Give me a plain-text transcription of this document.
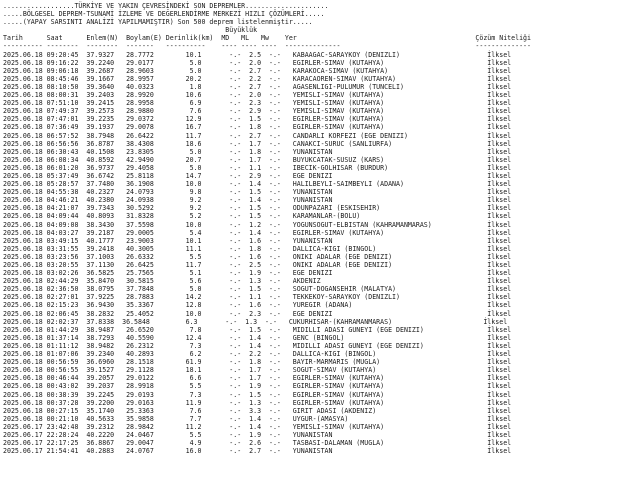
..................TÜRKİYE VE YAKIN ÇEVRESİNDEKİ SON DEPREMLER.....................
.....BÖLGESEL DEPREM-TSUNAMİ İZLEME VE DEĞERLENDİRME MERKEZİ HIZLI ÇÖZÜMLERİ.....
.....(YAPAY SARSINTI ANALİZİ YAPILMAMIŞTIR) Son 500 deprem listelenmiştir.....
Büyüklük
Tarih      Saat      Enlem(N)  Boylam(E) Derinlik(km)  MD   ML   Mw    Yer                                             Çözüm Niteliği
---------- --------  --------  -------   ----------    ---- ---- ----  --------------                                  --------------
2025.06.18 09:20:45  37.9327   28.7772        10.1       -.-  2.5  -.-   KABAAGAC-SARAYKOY (DENIZLI)                      İlksel
2025.06.18 09:16:22  39.2240   29.0177         5.0       -.-  2.0  -.-   EGIRLER-SIMAV (KUTAHYA)                          İlksel
2025.06.18 09:06:18  39.2687   28.9603         5.0       -.-  2.7  -.-   KARAKOCA-SIMAV (KUTAHYA)                         İlksel
2025.06.18 08:45:46  39.1667   28.9957        20.2       -.-  2.2  -.-   KARACAOREN-SIMAV (KUTAHYA)                       İlksel
2025.06.18 08:10:50  39.3640   40.0323         1.8       -.-  2.7  -.-   AGASENLIGI-PULUMUR (TUNCELI)                     İlksel
2025.06.18 08:00:31  39.2403   28.9920        10.6       -.-  2.0  -.-   YEMISLI-SIMAV (KUTAHYA)                          İlksel
2025.06.18 07:51:10  39.2415   28.9958         6.9       -.-  2.3  -.-   YEMISLI-SIMAV (KUTAHYA)                          İlksel
2025.06.18 07:49:37  39.2573   28.9880         7.6       -.-  2.9  -.-   YEMISLI-SIMAV (KUTAHYA)                          İlksel
2025.06.18 07:47:01  39.2235   29.0372        12.9       -.-  1.5  -.-   EGIRLER-SIMAV (KUTAHYA)                          İlksel
2025.06.18 07:36:49  39.1937   29.0078        16.7       -.-  1.8  -.-   EGIRLER-SIMAV (KUTAHYA)                          İlksel
2025.06.18 06:57:52  38.7948   26.6422        11.7       -.-  2.7  -.-   CANDARLI KORFEZI (EGE DENIZI)                    İlksel
2025.06.18 06:56:56  36.8787   38.4308        18.6       -.-  1.7  -.-   CANAKCI-SURUC (SANLIURFA)                        İlksel
2025.06.18 06:30:43  40.1508   23.8305         5.0       -.-  1.8  -.-   YUNANISTAN                                       İlksel
2025.06.18 06:08:34  40.8592   42.9490        20.7       -.-  1.7  -.-   BUYUKCATAK-SUSUZ (KARS)                          İlksel
2025.06.18 06:01:20  36.9737   29.4058         5.0       -.-  1.1  -.-   IBECIK-GOLHISAR (BURDUR)                         İlksel
2025.06.18 05:37:49  36.6742   25.8118        14.7       -.-  2.9  -.-   EGE DENIZI                                       İlksel
2025.06.18 05:28:57  37.7480   36.1908        10.0       -.-  1.4  -.-   HALILBEYLI-SAIMBEYLI (ADANA)                     İlksel
2025.06.18 04:55:38  40.2327   24.0793         9.8       -.-  1.5  -.-   YUNANISTAN                                       İlksel
2025.06.18 04:46:21  40.2380   24.0938         9.2       -.-  1.4  -.-   YUNANISTAN                                       İlksel
2025.06.18 04:21:07  39.7343   30.5292         9.2       -.-  1.5  -.-   ODUNPAZARI (ESKISEHIR)                           İlksel
2025.06.18 04:09:44  40.8093   31.8328         5.2       -.-  1.5  -.-   KARAMANLAR-(BOLU)                                İlksel
2025.06.18 04:09:08  38.3430   37.5598        10.0       -.-  1.2  -.-   YOGUNSOGUT-ELBISTAN (KAHRAMANMARAS)              İlksel
2025.06.18 04:03:27  39.2187   29.0005         5.4       -.-  1.4  -.-   EGIRLER-SIMAV (KUTAHYA)                          İlksel
2025.06.18 03:49:15  40.1777   23.9003        10.1       -.-  1.6  -.-   YUNANISTAN                                       İlksel
2025.06.18 03:31:55  39.2418   40.3005        11.1       -.-  1.8  -.-   DALLICA-KIGI (BINGOL)                            İlksel
2025.06.18 03:23:56  37.1003   26.6332         5.5       -.-  1.6  -.-   ONIKI ADALAR (EGE DENIZI)                        İlksel
2025.06.18 03:20:55  37.1130   26.6425        11.7       -.-  2.5  -.-   ONIKI ADALAR (EGE DENIZI)                        İlksel
2025.06.18 03:02:26  36.5825   25.7565         5.1       -.-  1.9  -.-   EGE DENIZI                                       İlksel
2025.06.18 02:44:29  35.8470   30.5815         5.6       -.-  1.3  -.-   AKDENIZ                                          İlksel
2025.06.18 02:36:50  38.0795   37.7848         5.0       -.-  1.5  -.-   SOGUT-DOGANSEHIR (MALATYA)                       İlksel
2025.06.18 02:27:01  37.9225   28.7883        14.2       -.-  1.1  -.-   TEKKEKOY-SARAYKOY (DENIZLI)                      İlksel
2025.06.18 02:15:23  36.9430   35.3367        12.8       -.-  1.6  -.-   YUREGIR (ADANA)                                  İlksel
2025.06.18 02:06:45  38.2832   25.4052        10.0       -.-  2.3  -.-   EGE DENIZI                                       İlksel
2025.06.18 02:02:37  37.8338  36.5848         6.3       -.-  1.3  -.-   CUKURHISAR-(KAHRAMANMARAS)                       İlksel
2025.06.18 01:44:29  38.9487   26.6520         7.8       -.-  1.5  -.-   MIDILLI ADASI GUNEYI (EGE DENIZI)                İlksel
2025.06.18 01:37:14  38.7293   40.5590        12.4       -.-  1.4  -.-   GENC (BINGOL)                                    İlksel
2025.06.18 01:11:12  38.9482   26.2312         7.3       -.-  1.4  -.-   MIDILLI ADASI GUNEYI (EGE DENIZI)                İlksel
2025.06.18 01:07:06  39.2340   40.2893         6.2       -.-  2.2  -.-   DALLICA-KIGI (BINGOL)                            İlksel
2025.06.18 00:56:59  36.6960   28.1518        61.9       -.-  1.8  -.-   BAYIR-MARMARIS (MUGLA)                           İlksel
2025.06.18 00:56:55  39.1527   29.1128        18.1       -.-  1.7  -.-   SOGUT-SIMAV (KUTAHYA)                            İlksel
2025.06.18 00:46:44  39.2057   29.0122         6.6       -.-  1.7  -.-   EGIRLER-SIMAV (KUTAHYA)                          İlksel
2025.06.18 00:43:02  39.2037   28.9918         5.5       -.-  1.9  -.-   EGIRLER-SIMAV (KUTAHYA)                          İlksel
2025.06.18 00:38:39  39.2245   29.0193         7.3       -.-  1.5  -.-   EGIRLER-SIMAV (KUTAHYA)                          İlksel
2025.06.18 00:37:28  39.2200   29.0163        11.9       -.-  1.3  -.-   EGIRLER-SIMAV (KUTAHYA)                          İlksel
2025.06.18 00:27:15  35.1740   25.3363         7.6       -.-  3.3  -.-   GIRIT ADASI (AKDENIZ)                            İlksel
2025.06.18 00:21:10  40.5633   35.9858         7.7       -.-  1.4  -.-   UYGUR-(AMASYA)                                   İlksel
2025.06.17 23:42:48  39.2312   28.9842        11.2       -.-  1.4  -.-   YEMISLI-SIMAV (KUTAHYA)                          İlksel
2025.06.17 22:28:24  40.2220   24.0467         5.5       -.-  1.9  -.-   YUNANISTAN                                       İlksel
2025.06.17 22:17:25  36.8867   29.0047         4.9       -.-  2.6  -.-   TASBASI-DALAMAN (MUGLA)                          İlksel
2025.06.17 21:54:41  40.2883   24.0767        16.0       -.-  2.7  -.-   YUNANISTAN                                       İlksel
